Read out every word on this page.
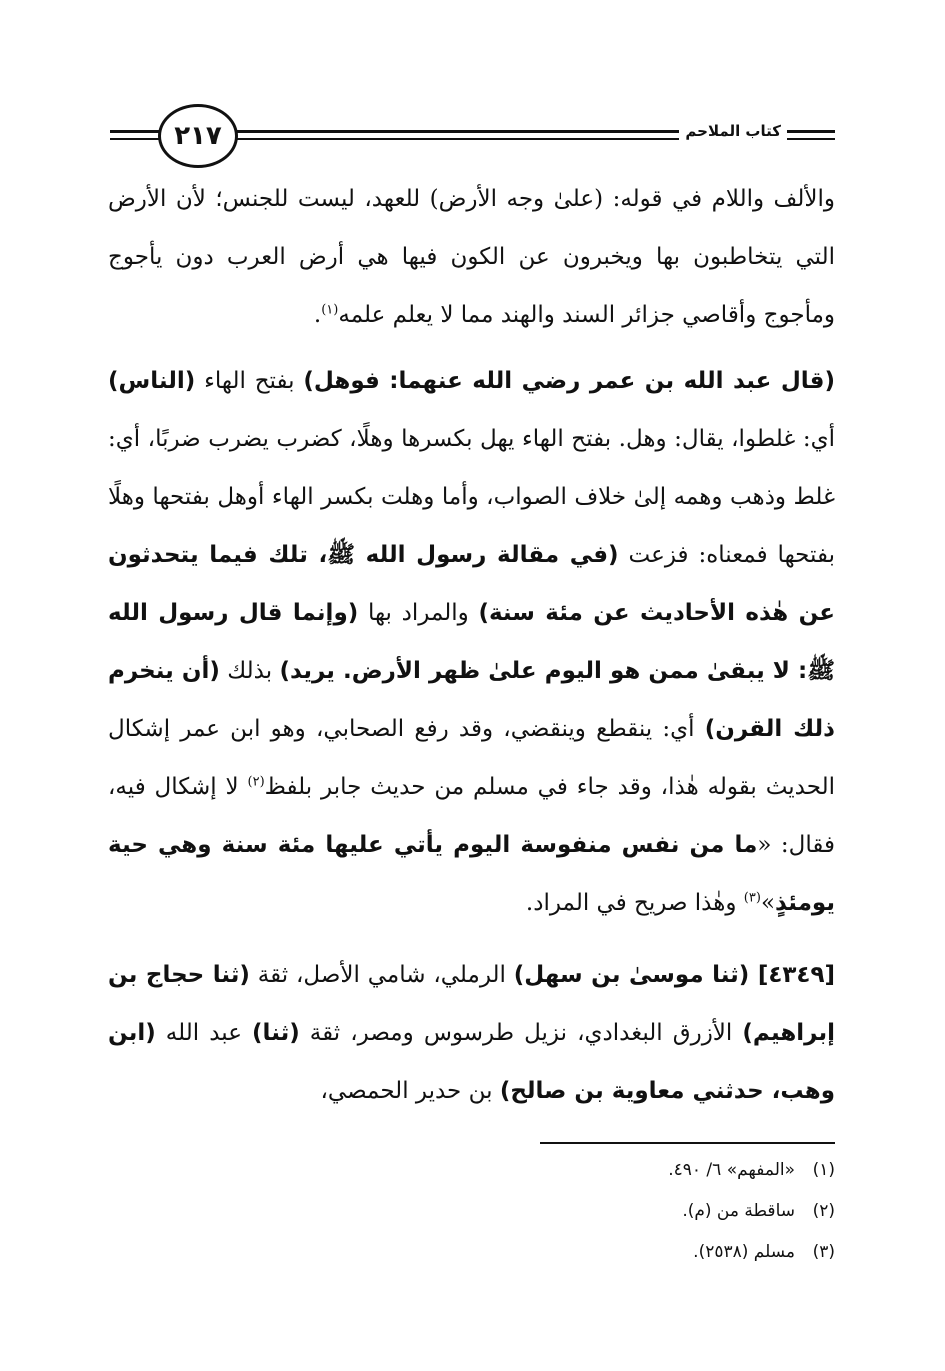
٢١٧	كتاب الملاحم

والألف واللام في قوله: (علىٰ وجه الأرض) للعهد، ليست للجنس؛ لأن الأرض التي يتخاطبون بها ويخبرون عن الكون فيها هي أرض العرب دون يأجوج ومأجوج وأقاصي جزائر السند والهند مما لا يعلم علمه$^{(١)}$.

(قال عبد الله بن عمر رضي الله عنهما: فوهل) بفتح الهاء (الناس) أي: غلطوا، يقال: وهل. بفتح الهاء يهل بكسرها وهلًا، كضرب يضرب ضربًا، أي: غلط وذهب وهمه إلىٰ خلاف الصواب، وأما وهلت بكسر الهاء أوهل بفتحها وهلًا بفتحها فمعناه: فزعت (في مقالة رسول الله ﷺ، تلك فيما يتحدثون عن هٰذه الأحاديث عن مئة سنة) والمراد بها (وإنما قال رسول الله ﷺ: لا يبقىٰ ممن هو اليوم علىٰ ظهر الأرض. يريد) بذلك (أن ينخرم ذلك القرن) أي: ينقطع وينقضي، وقد رفع الصحابي، وهو ابن عمر إشكال الحديث بقوله هٰذا، وقد جاء في مسلم من حديث جابر بلفظ$^{(٢)}$ لا إشكال فيه، فقال: «ما من نفس منفوسة اليوم يأتي عليها مئة سنة وهي حية يومئذٍ»$^{(٣)}$ وهٰذا صريح في المراد.

[٤٣٤٩] (ثنا موسىٰ بن سهل) الرملي، شامي الأصل، ثقة (ثنا حجاج بن إبراهيم) الأزرق البغدادي، نزيل طرسوس ومصر، ثقة (ثنا) عبد الله (ابن وهب، حدثني معاوية بن صالح) بن حدير الحمصي،

(١)«المفهم» ٦/ ٤٩٠.
(٢)ساقطة من (م).
(٣)مسلم (٢٥٣٨).
